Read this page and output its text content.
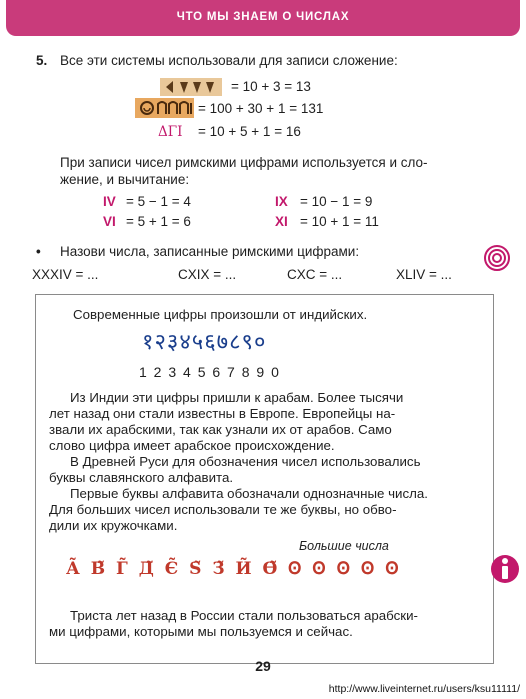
ЧТО МЫ ЗНАЕМ О ЧИСЛАХ
5. Все эти системы использовали для записи сложение:
= 10 + 3 = 13
= 100 + 30 + 1 = 131
ΔΓΙ = 10 + 5 + 1 = 16
При записи чисел римскими цифрами используется и сло-
жение, и вычитание:
IV = 5 − 1 = 4	IX = 10 − 1 = 9
VI = 5 + 1 = 6	XI = 10 + 1 = 11
• Назови числа, записанные римскими цифрами:
XXXIV = ...	CXIX = ...	CXC = ...	XLIV = ...
Современные цифры произошли от индийских.
१२३४५६७८९०
1 2 3 4 5 6 7 8 9 0
Из Индии эти цифры пришли к арабам. Более тысячи
лет назад они стали известны в Европе. Европейцы на-
звали их арабскими, так как узнали их от арабов. Само
слово цифра имеет арабское происхождение.
В Древней Руси для обозначения чисел использовались
буквы славянского алфавита.
Первые буквы алфавита обозначали однозначные числа.
Для больших чисел использовали те же буквы, но обво-
дили их кружочками.
Большие числа
А̃ В̃ Г̃ Д̃ Є̃ Ѕ̃ З̃ И̃ Ѳ̃ Ꙩ Ꙩ Ꙩ Ꙩ Ꙩ
Триста лет назад в России стали пользоваться арабски-
ми цифрами, которыми мы пользуемся и сейчас.
29
http://www.liveinternet.ru/users/ksu11111/
